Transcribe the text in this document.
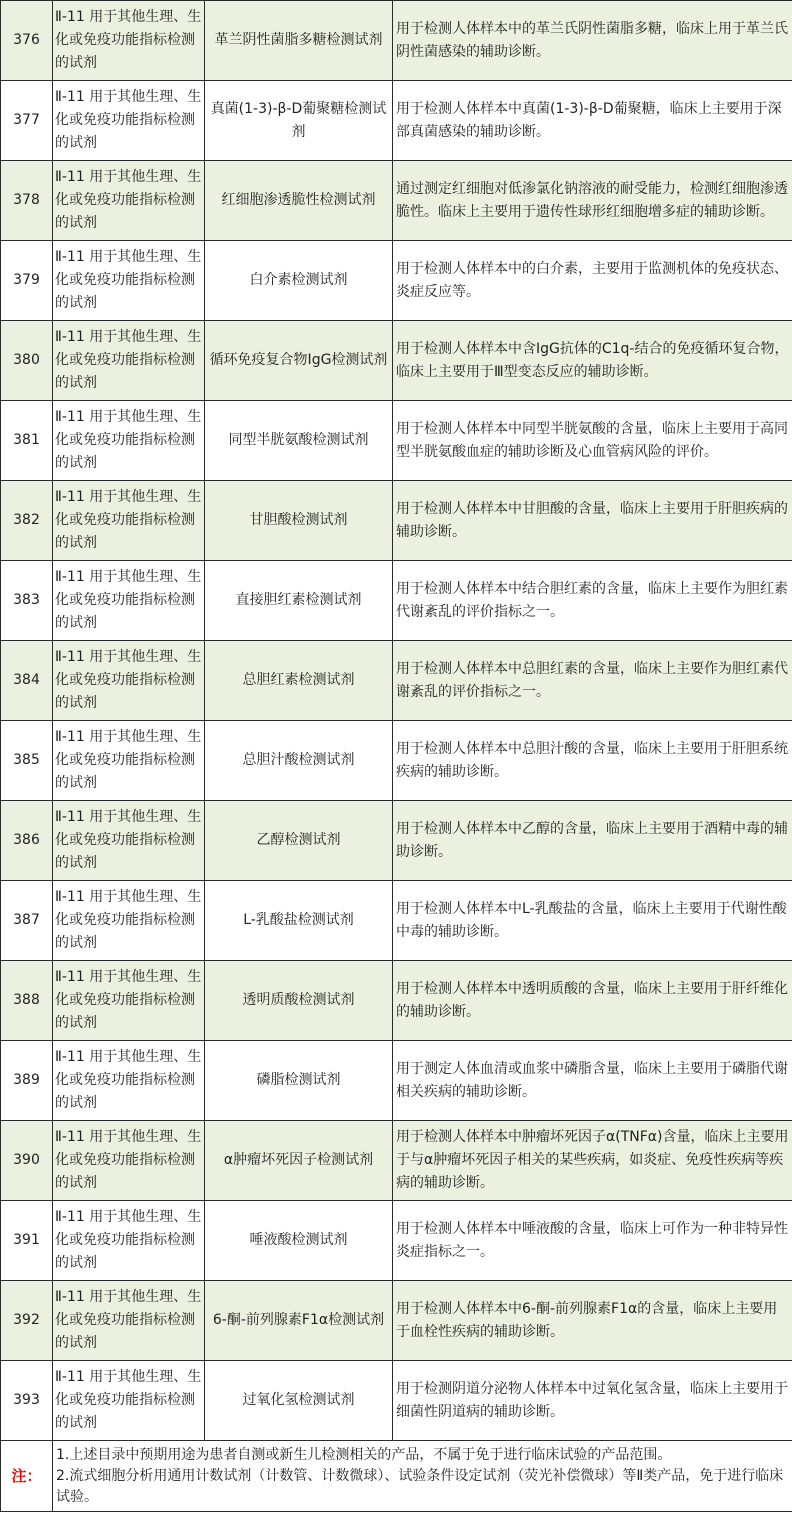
376	Ⅱ-11 用于其他生理、生化或免疫功能指标检测的试剂	革兰阴性菌脂多糖检测试剂	用于检测人体样本中的革兰氏阴性菌脂多糖，临床上用于革兰氏阴性菌感染的辅助诊断。
377	Ⅱ-11 用于其他生理、生化或免疫功能指标检测的试剂	真菌(1-3)-β-D葡聚糖检测试剂	用于检测人体样本中真菌(1-3)-β-D葡聚糖，临床上主要用于深部真菌感染的辅助诊断。
378	Ⅱ-11 用于其他生理、生化或免疫功能指标检测的试剂	红细胞渗透脆性检测试剂	通过测定红细胞对低渗氯化钠溶液的耐受能力，检测红细胞渗透脆性。临床上主要用于遗传性球形红细胞增多症的辅助诊断。
379	Ⅱ-11 用于其他生理、生化或免疫功能指标检测的试剂	白介素检测试剂	用于检测人体样本中的白介素，主要用于监测机体的免疫状态、炎症反应等。
380	Ⅱ-11 用于其他生理、生化或免疫功能指标检测的试剂	循环免疫复合物IgG检测试剂	用于检测人体样本中含IgG抗体的C1q-结合的免疫循环复合物，临床上主要用于Ⅲ型变态反应的辅助诊断。
381	Ⅱ-11 用于其他生理、生化或免疫功能指标检测的试剂	同型半胱氨酸检测试剂	用于检测人体样本中同型半胱氨酸的含量，临床上主要用于高同型半胱氨酸血症的辅助诊断及心血管病风险的评价。
382	Ⅱ-11 用于其他生理、生化或免疫功能指标检测的试剂	甘胆酸检测试剂	用于检测人体样本中甘胆酸的含量，临床上主要用于肝胆疾病的辅助诊断。
383	Ⅱ-11 用于其他生理、生化或免疫功能指标检测的试剂	直接胆红素检测试剂	用于检测人体样本中结合胆红素的含量，临床上主要作为胆红素代谢紊乱的评价指标之一。
384	Ⅱ-11 用于其他生理、生化或免疫功能指标检测的试剂	总胆红素检测试剂	用于检测人体样本中总胆红素的含量，临床上主要作为胆红素代谢紊乱的评价指标之一。
385	Ⅱ-11 用于其他生理、生化或免疫功能指标检测的试剂	总胆汁酸检测试剂	用于检测人体样本中总胆汁酸的含量，临床上主要用于肝胆系统疾病的辅助诊断。
386	Ⅱ-11 用于其他生理、生化或免疫功能指标检测的试剂	乙醇检测试剂	用于检测人体样本中乙醇的含量，临床上主要用于酒精中毒的辅助诊断。
387	Ⅱ-11 用于其他生理、生化或免疫功能指标检测的试剂	L-乳酸盐检测试剂	用于检测人体样本中L-乳酸盐的含量，临床上主要用于代谢性酸中毒的辅助诊断。
388	Ⅱ-11 用于其他生理、生化或免疫功能指标检测的试剂	透明质酸检测试剂	用于检测人体样本中透明质酸的含量，临床上主要用于肝纤维化的辅助诊断。
389	Ⅱ-11 用于其他生理、生化或免疫功能指标检测的试剂	磷脂检测试剂	用于测定人体血清或血浆中磷脂含量，临床上主要用于磷脂代谢相关疾病的辅助诊断。
390	Ⅱ-11 用于其他生理、生化或免疫功能指标检测的试剂	α肿瘤坏死因子检测试剂	用于检测人体样本中肿瘤坏死因子α(TNFα)含量，临床上主要用于与α肿瘤坏死因子相关的某些疾病，如炎症、免疫性疾病等疾病的辅助诊断。
391	Ⅱ-11 用于其他生理、生化或免疫功能指标检测的试剂	唾液酸检测试剂	用于检测人体样本中唾液酸的含量，临床上可作为一种非特异性炎症指标之一。
392	Ⅱ-11 用于其他生理、生化或免疫功能指标检测的试剂	6-酮-前列腺素F1α检测试剂	用于检测人体样本中6-酮-前列腺素F1α的含量，临床上主要用于血栓性疾病的辅助诊断。
393	Ⅱ-11 用于其他生理、生化或免疫功能指标检测的试剂	过氧化氢检测试剂	用于检测阴道分泌物人体样本中过氧化氢含量，临床上主要用于细菌性阴道病的辅助诊断。
注：	1.上述目录中预期用途为患者自测或新生儿检测相关的产品，不属于免于进行临床试验的产品范围。
2.流式细胞分析用通用计数试剂（计数管、计数微球）、试验条件设定试剂（荧光补偿微球）等Ⅱ类产品，免于进行临床试验。		
